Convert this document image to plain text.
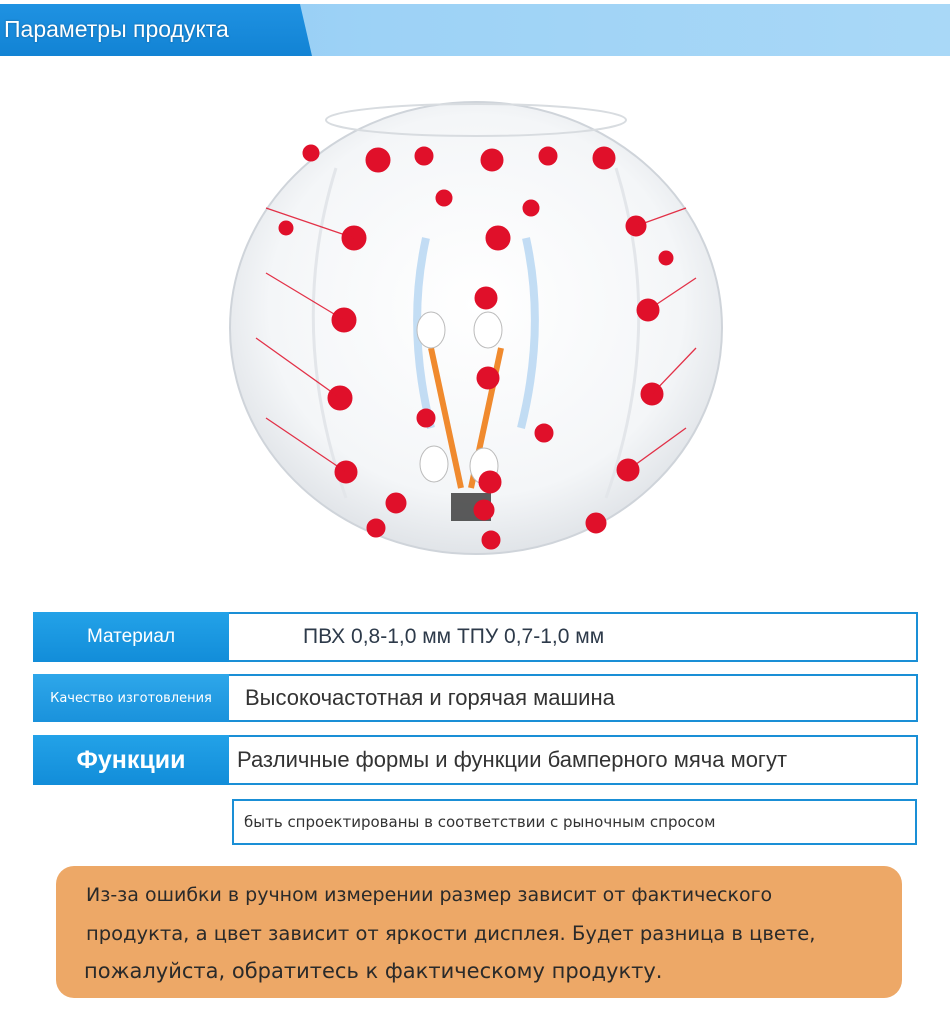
Параметры продукта
Материал	ПВХ 0,8-1,0 мм ТПУ 0,7-1,0 мм
Качество изготовления Высокочастотная и горячая машина
Функции Различные формы и функции бамперного мяча могут
быть спроектированы в соответствии с рыночным спросом
Из-за ошибки в ручном измерении размер зависит от фактического
продукта, а цвет зависит от яркости дисплея. Будет разница в цвете,
пожалуйста, обратитесь к фактическому продукту.
